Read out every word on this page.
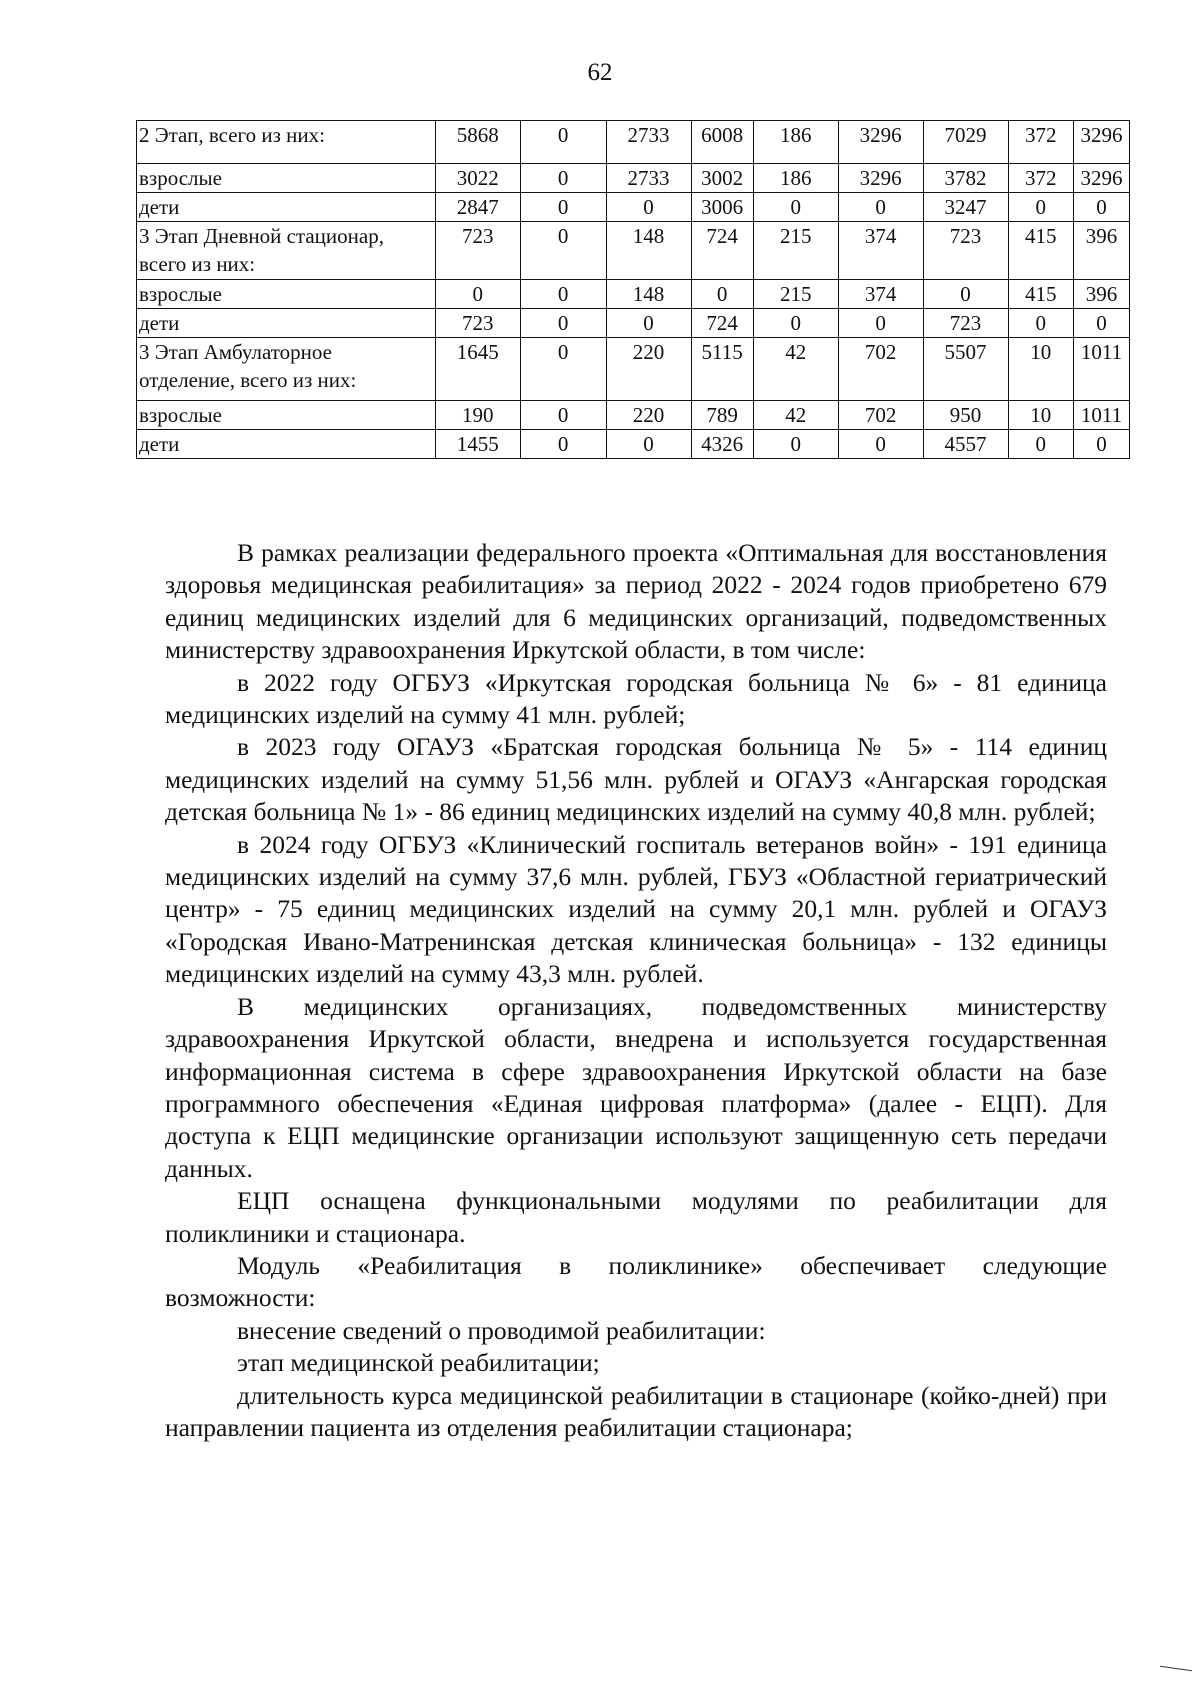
62
2 Этап, всего из них:	5868	0	2733	6008	186	3296	7029	372	3296
взрослые	3022	0	2733	3002	186	3296	3782	372	3296
дети	2847	0	0	3006	0	0	3247	0	0
3 Этап Дневной стационар, всего из них:	723	0	148	724	215	374	723	415	396
взрослые	0	0	148	0	215	374	0	415	396
дети	723	0	0	724	0	0	723	0	0
3 Этап Амбулаторное отделение, всего из них:	1645	0	220	5115	42	702	5507	10	1011
взрослые	190	0	220	789	42	702	950	10	1011
дети	1455	0	0	4326	0	0	4557	0	0

В рамках реализации федерального проекта «Оптимальная для восстановления здоровья медицинская реабилитация» за период 2022 - 2024 годов приобретено 679 единиц медицинских изделий для 6 медицинских организаций, подведомственных министерству здравоохранения Иркутской области, в том числе:

в 2022 году ОГБУЗ «Иркутская городская больница № 6» - 81 единица медицинских изделий на сумму 41 млн. рублей;

в 2023 году ОГАУЗ «Братская городская больница № 5» - 114 единиц медицинских изделий на сумму 51,56 млн. рублей и ОГАУЗ «Ангарская городская детская больница № 1» - 86 единиц медицинских изделий на сумму 40,8 млн. рублей;

в 2024 году ОГБУЗ «Клинический госпиталь ветеранов войн» - 191 единица медицинских изделий на сумму 37,6 млн. рублей, ГБУЗ «Областной гериатрический центр» - 75 единиц медицинских изделий на сумму 20,1 млн. рублей и ОГАУЗ «Городская Ивано-Матренинская детская клиническая больница» - 132 единицы медицинских изделий на сумму 43,3 млн. рублей.

В медицинских организациях, подведомственных министерству здравоохранения Иркутской области, внедрена и используется государственная информационная система в сфере здравоохранения Иркутской области на базе программного обеспечения «Единая цифровая платформа» (далее - ЕЦП). Для доступа к ЕЦП медицинские организации используют защищенную сеть передачи данных.

ЕЦП оснащена функциональными модулями по реабилитации для поликлиники и стационара.

Модуль «Реабилитация в поликлинике» обеспечивает следующие возможности:

внесение сведений о проводимой реабилитации:

этап медицинской реабилитации;

длительность курса медицинской реабилитации в стационаре (койко-дней) при направлении пациента из отделения реабилитации стационара;
